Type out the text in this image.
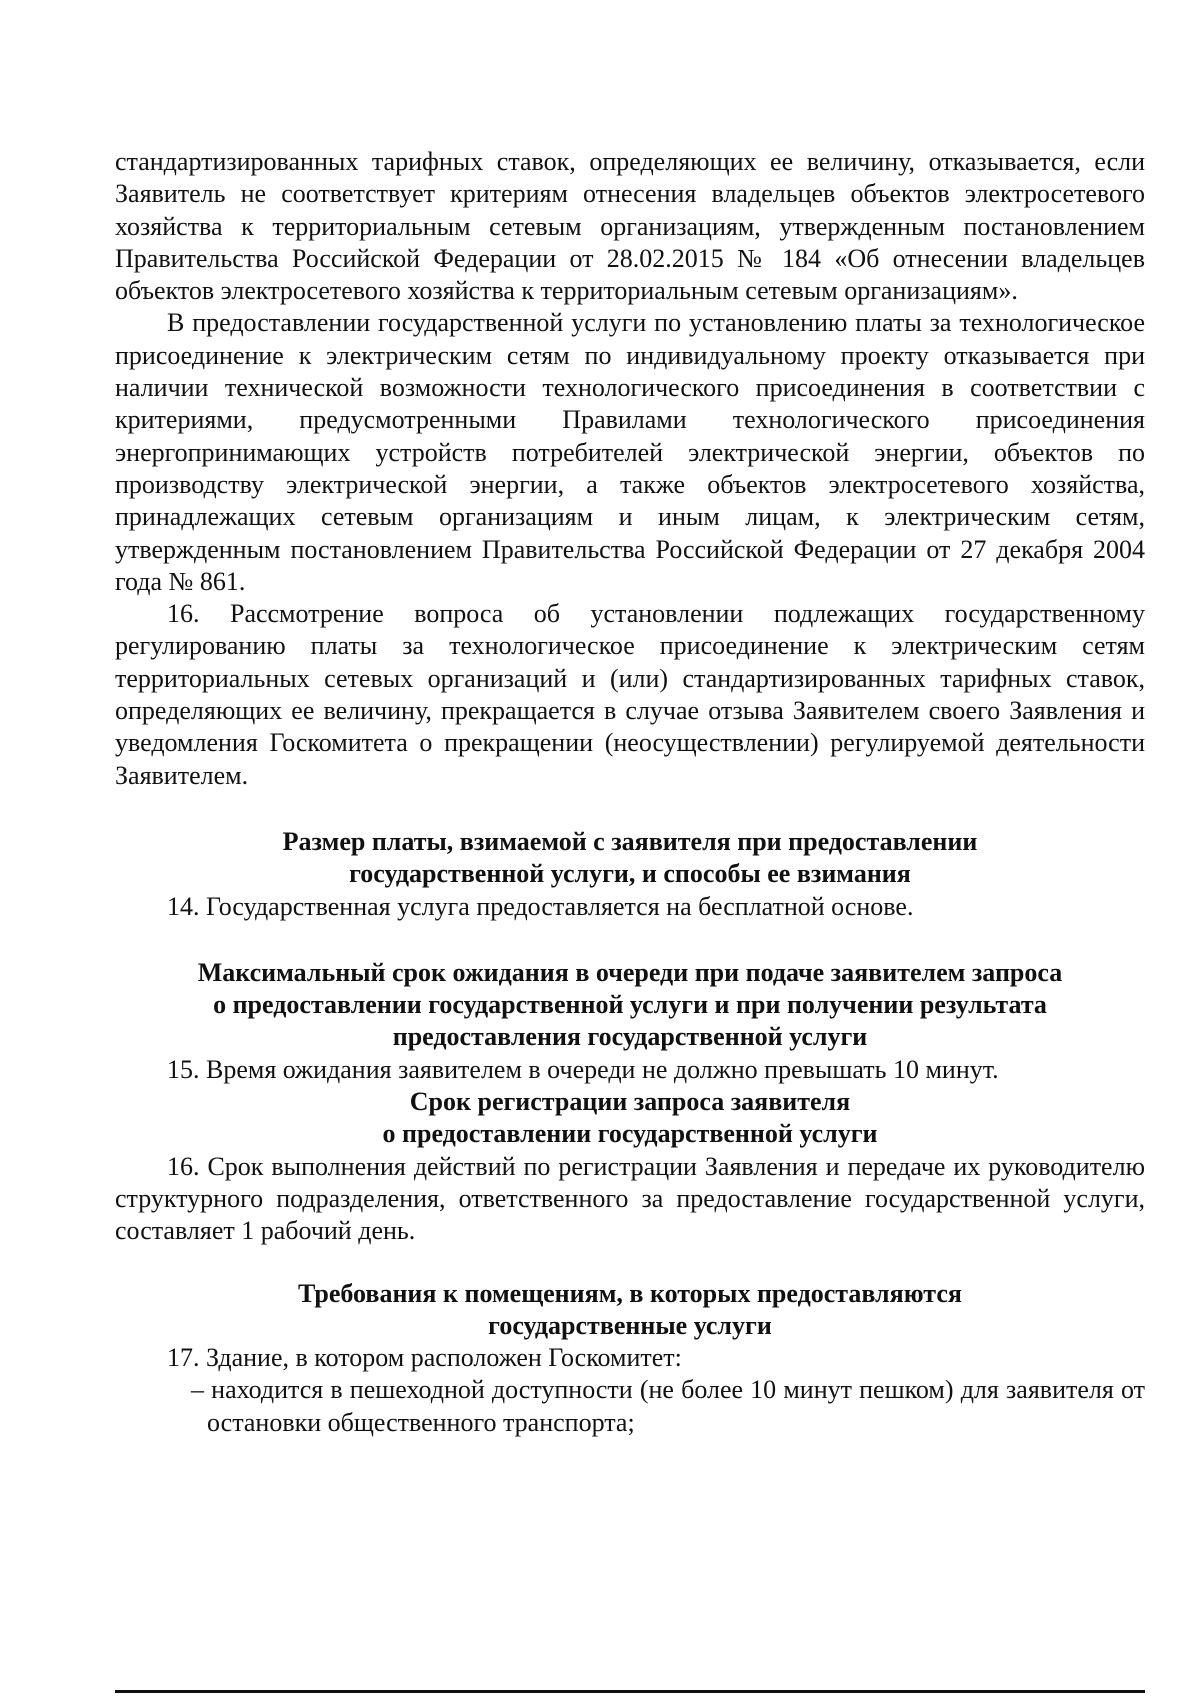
стандартизированных тарифных ставок, определяющих ее величину, отказывается, если Заявитель не соответствует критериям отнесения владельцев объектов электросетевого хозяйства к территориальным сетевым организациям, утвержденным постановлением Правительства Российской Федерации от 28.02.2015 № 184 «Об отнесении владельцев объектов электросетевого хозяйства к территориальным сетевым организациям».

В предоставлении государственной услуги по установлению платы за технологическое присоединение к электрическим сетям по индивидуальному проекту отказывается при наличии технической возможности технологического присоединения в соответствии с критериями, предусмотренными Правилами технологического присоединения энергопринимающих устройств потребителей электрической энергии, объектов по производству электрической энергии, а также объектов электросетевого хозяйства, принадлежащих сетевым организациям и иным лицам, к электрическим сетям, утвержденным постановлением Правительства Российской Федерации от 27 декабря 2004 года № 861.

16. Рассмотрение вопроса об установлении подлежащих государственному регулированию платы за технологическое присоединение к электрическим сетям территориальных сетевых организаций и (или) стандартизированных тарифных ставок, определяющих ее величину, прекращается в случае отзыва Заявителем своего Заявления и уведомления Госкомитета о прекращении (неосуществлении) регулируемой деятельности Заявителем.

Размер платы, взимаемой с заявителя при предоставлении
государственной услуги, и способы ее взимания

14. Государственная услуга предоставляется на бесплатной основе.

Максимальный срок ожидания в очереди при подаче заявителем запроса
о предоставлении государственной услуги и при получении результата
предоставления государственной услуги

15. Время ожидания заявителем в очереди не должно превышать 10 минут.

Срок регистрации запроса заявителя
о предоставлении государственной услуги

16. Срок выполнения действий по регистрации Заявления и передаче их руководителю структурного подразделения, ответственного за предоставление государственной услуги, составляет 1 рабочий день.

Требования к помещениям, в которых предоставляются
государственные услуги

17. Здание, в котором расположен Госкомитет:

– находится в пешеходной доступности (не более 10 минут пешком) для заявителя от остановки общественного транспорта;
